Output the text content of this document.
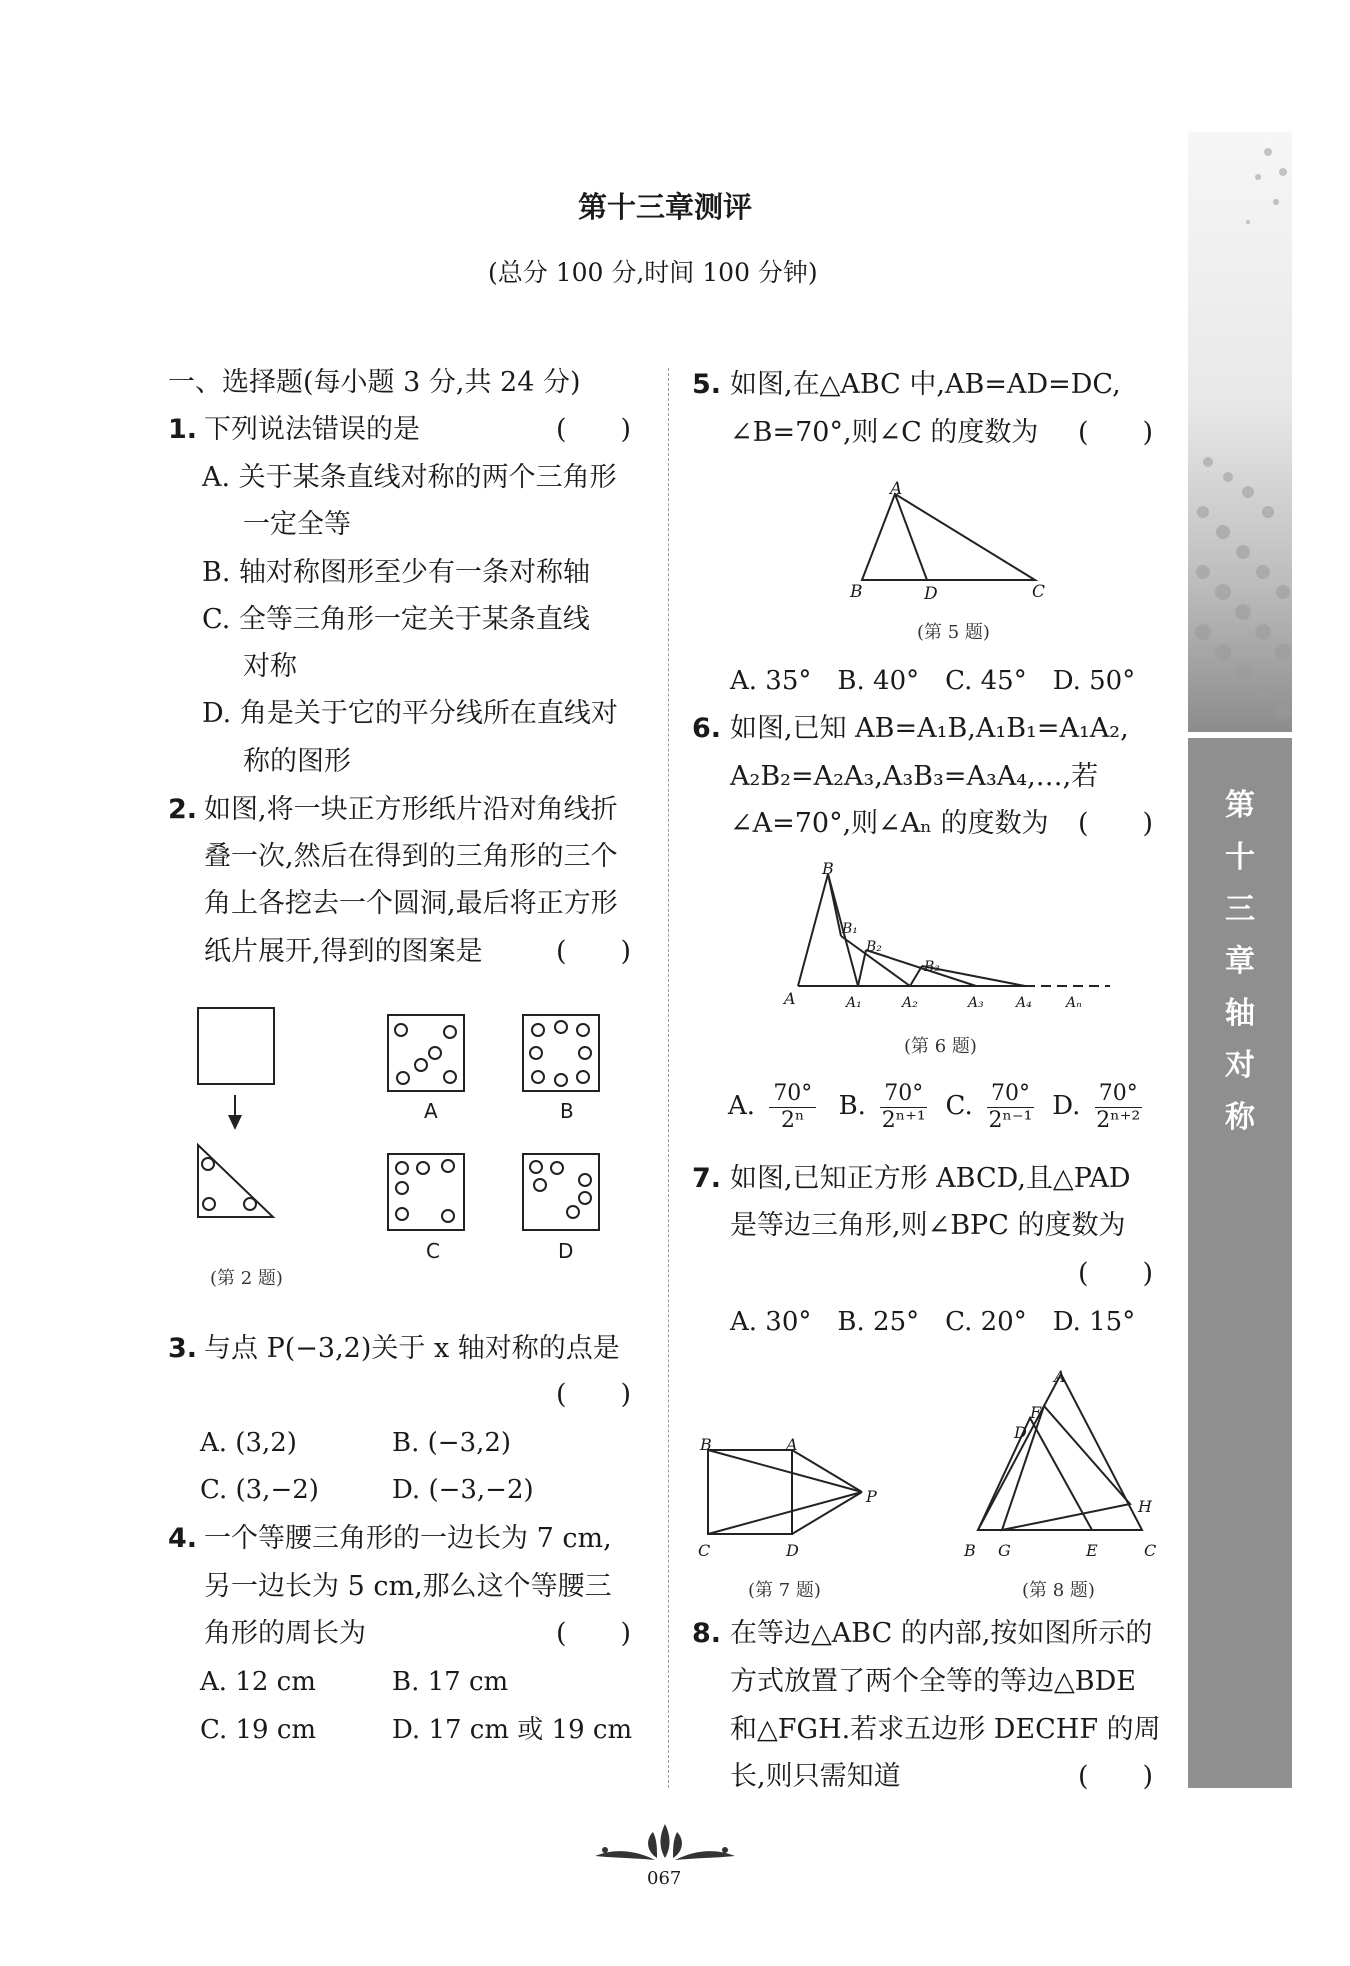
第十三章 轴对称
第十三章测评
(总分 100 分,时间 100 分钟)
一、选择题(每小题 3 分,共 24 分)
1. 下列说法错误的是	(　　)
A. 关于某条直线对称的两个三角形
一定全等
B. 轴对称图形至少有一条对称轴
C. 全等三角形一定关于某条直线
对称
D. 角是关于它的平分线所在直线对
称的图形
2. 如图,将一块正方形纸片沿对角线折
叠一次,然后在得到的三角形的三个
角上各挖去一个圆洞,最后将正方形
纸片展开,得到的图案是	(　　)
A	B
C	D
(第 2 题)
3. 与点 P(−3,2)关于 x 轴对称的点是
(　　)
A. (3,2)	B. (−3,2)
C. (3,−2)	D. (−3,−2)
4. 一个等腰三角形的一边长为 7 cm,
另一边长为 5 cm,那么这个等腰三
角形的周长为	(　　)
A. 12 cm	B. 17 cm
C. 19 cm	D. 17 cm 或 19 cm
5. 如图,在△ABC 中,AB=AD=DC,
∠B=70°,则∠C 的度数为 (　　)
A
B	D	C
(第 5 题)
A. 35°　B. 40°　C. 45°　D. 50°
6. 如图,已知 AB=A₁B,A₁B₁=A₁A₂,
A₂B₂=A₂A₃,A₃B₃=A₃A₄,…,若
∠A=70°,则∠Aₙ 的度数为 (　　)
B
B₁
B₂
B₃
A	A₁	A₂	A₃ A₄ Aₙ
(第 6 题)
A. $\frac{70^\circ}{\text{2ⁿ}} B$. $\frac{70^\circ}{\text{2ⁿ⁺¹}} C$. $\frac{70^\circ}{\text{2ⁿ⁻¹}} D$. $\frac{70^\circ}{\text{2ⁿ⁺²}}$
7. 如图,已知正方形 ABCD,且△PAD
是等边三角形,则∠BPC 的度数为
(　　)
A. 30°　B. 25°　C. 20°　D. 15°
B	A
P
C	D
(第 7 题)
A
F
D
H
B G	E	C
(第 8 题)
8. 在等边△ABC 的内部,按如图所示的
方式放置了两个全等的等边△BDE
和△FGH.若求五边形 DECHF 的周
长,则只需知道	(　　)
067
